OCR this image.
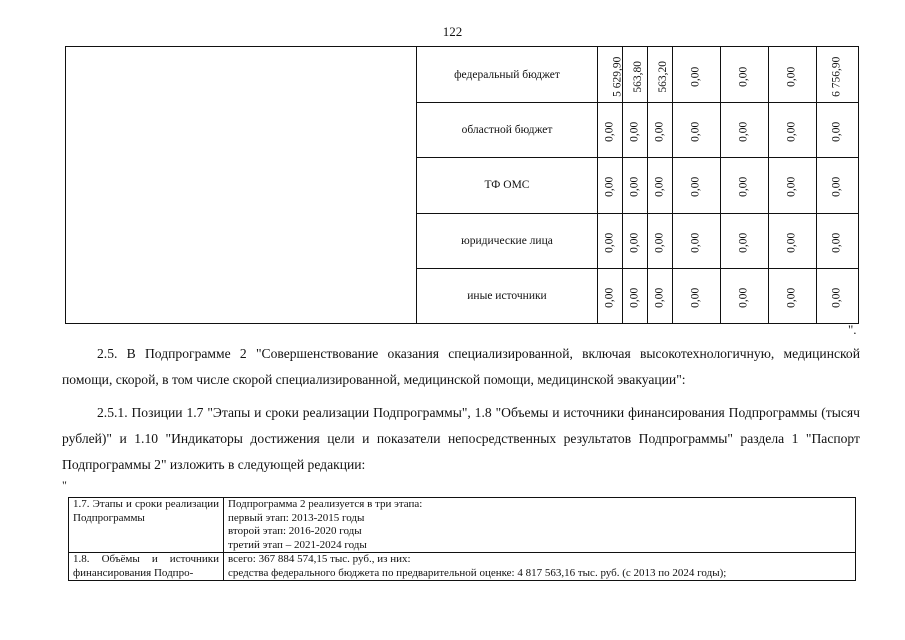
122
	федеральный бюджет	5 629,90	563,80	563,20	0,00	0,00	0,00	6 756,90
	областной бюджет	0,00	0,00	0,00	0,00	0,00	0,00	0,00
	ТФ ОМС	0,00	0,00	0,00	0,00	0,00	0,00	0,00
	юридические лица	0,00	0,00	0,00	0,00	0,00	0,00	0,00
	иные источники	0,00	0,00	0,00	0,00	0,00	0,00	0,00
".

2.5. В Подпрограмме 2 "Совершенствование оказания специализированной, включая высокотехнологичную, медицинской помощи, скорой, в том числе скорой специализированной, медицинской помощи, медицинской эвакуации":

2.5.1. Позиции 1.7 "Этапы и сроки реализации Подпрограммы", 1.8 "Объемы и источники финансирования Подпрограммы (тысяч рублей)" и 1.10 "Индикаторы достижения цели и показатели непосредственных результатов Подпрограммы" раздела 1 "Паспорт Подпрограммы 2" изложить в следующей редакции:

"
1.7. Этапы и сроки реализации Подпрограммы	Подпрограмма 2 реализуется в три этапа:
первый этап: 2013-2015 годы
второй этап: 2016-2020 годы
третий этап – 2021-2024 годы

1.8. Объёмы и источники финансирования Подпро-	всего: 367 884 574,15 тыс. руб., из них:
средства федерального бюджета по предварительной оценке: 4 817 563,16 тыс. руб. (с 2013 по 2024 годы);
